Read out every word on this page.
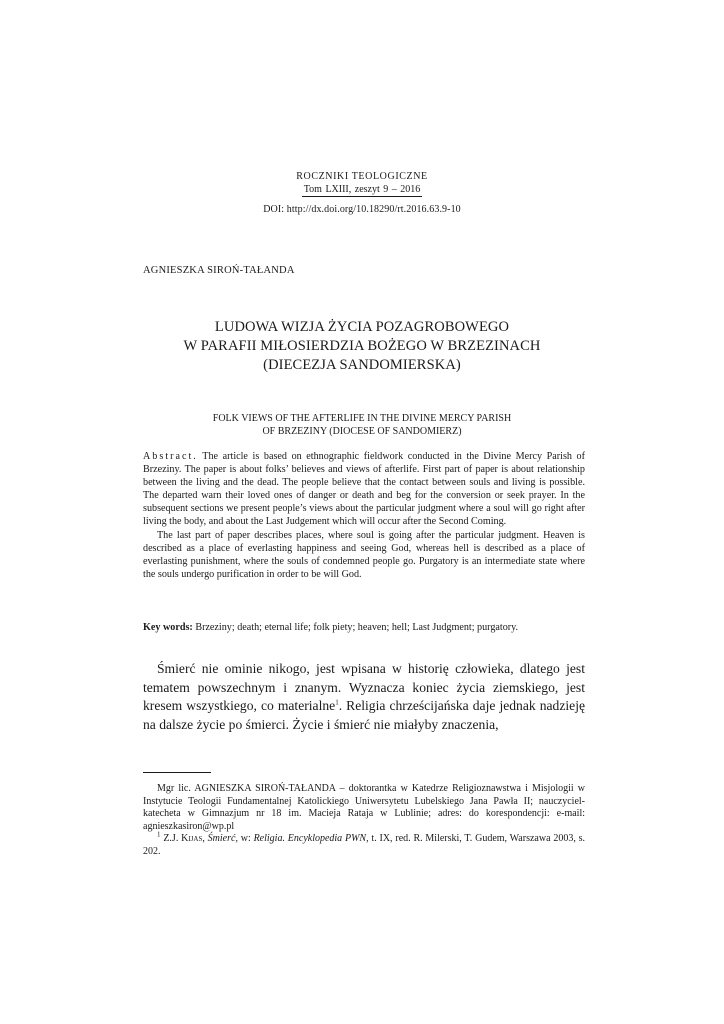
ROCZNIKI TEOLOGICZNE
Tom LXIII, zeszyt 9 – 2016
DOI: http://dx.doi.org/10.18290/rt.2016.63.9-10
AGNIESZKA SIROŃ-TAŁANDA
LUDOWA WIZJA ŻYCIA POZAGROBOWEGO
W PARAFII MIŁOSIERDZIA BOŻEGO W BRZEZINACH
(DIECEZJA SANDOMIERSKA)
FOLK VIEWS OF THE AFTERLIFE IN THE DIVINE MERCY PARISH
OF BRZEZINY (DIOCESE OF SANDOMIERZ)

Abstract. The article is based on ethnographic fieldwork conducted in the Divine Mercy Parish of Brzeziny. The paper is about folks’ believes and views of afterlife. First part of paper is about relationship between the living and the dead. The people believe that the contact between souls and living is possible. The departed warn their loved ones of danger or death and beg for the conversion or seek prayer. In the subsequent sections we present people’s views about the particular judgment where a soul will go right after living the body, and about the Last Judgement which will occur after the Second Coming.

The last part of paper describes places, where soul is going after the particular judgment. Heaven is described as a place of everlasting happiness and seeing God, whereas hell is described as a place of everlasting punishment, where the souls of condemned people go. Purgatory is an intermediate state where the souls undergo purification in order to be will God.

Key words: Brzeziny; death; eternal life; folk piety; heaven; hell; Last Judgment; purgatory.

Śmierć nie ominie nikogo, jest wpisana w historię człowieka, dlatego jest tematem powszechnym i znanym. Wyznacza koniec życia ziemskiego, jest kresem wszystkiego, co materialne$^1$. Religia chrześcijańska daje jednak nadzieję na dalsze życie po śmierci. Życie i śmierć nie miałyby znaczenia,

Mgr lic. AGNIESZKA SIROŃ-TAŁANDA – doktorantka w Katedrze Religioznawstwa i Misjologii w Instytucie Teologii Fundamentalnej Katolickiego Uniwersytetu Lubelskiego Jana Pawła II; nauczyciel-katecheta w Gimnazjum nr 18 im. Macieja Rataja w Lublinie; adres: do korespondencji: e-mail: agnieszkasiron@wp.pl

$^1$ Z.J. Kijas, Śmierć, w: Religia. Encyklopedia PWN, t. IX, red. R. Milerski, T. Gudem, Warszawa 2003, s. 202.
